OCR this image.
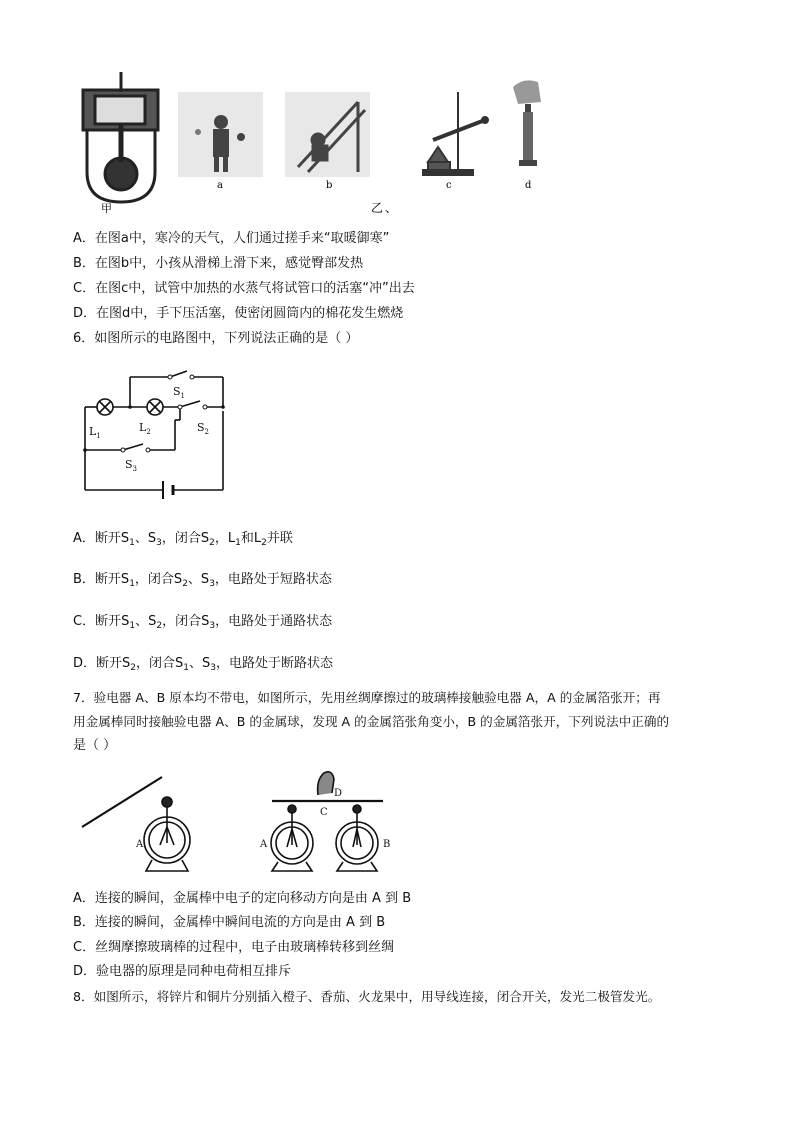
甲
a	b	c	d
乙 、
A．在图a中，寒冷的天气，人们通过搓手来“取暖御寒”
B．在图b中，小孩从滑梯上滑下来，感觉臀部发热
C．在图c中，试管中加热的水蒸气将试管口的活塞“冲”出去
D．在图d中，手下压活塞，使密闭圆筒内的棉花发生燃烧
6．如图所示的电路图中，下列说法正确的是（ ）
$S_1$
$L_1$
$L_2$	$S_2$
$S_3$
A．断开$S_1$、$S_3$，闭合$S_2$，$L_1$和$L_2$并联
B．断开$S_1$，闭合$S_2$、$S_3$，电路处于短路状态
C．断开$S_1$、$S_2$，闭合$S_3$，电路处于通路状态
D．断开$S_2$，闭合$S_1$、$S_3$，电路处于断路状态
7．验电器 A、B 原本均不带电，如图所示，先用丝绸摩擦过的玻璃棒接触验电器 A，A 的金属箔张开；再
用金属棒同时接触验电器 A、B 的金属球，发现 A 的金属箔张角变小，B 的金属箔张开，下列说法中正确的
是（ ）
A	A	B
C
D
A．连接的瞬间，金属棒中电子的定向移动方向是由 A 到 B
B．连接的瞬间，金属棒中瞬间电流的方向是由 A 到 B
C．丝绸摩擦玻璃棒的过程中，电子由玻璃棒转移到丝绸
D．验电器的原理是同种电荷相互排斥
8．如图所示，将锌片和铜片分别插入橙子、香茄、火龙果中，用导线连接，闭合开关，发光二极管发光。
